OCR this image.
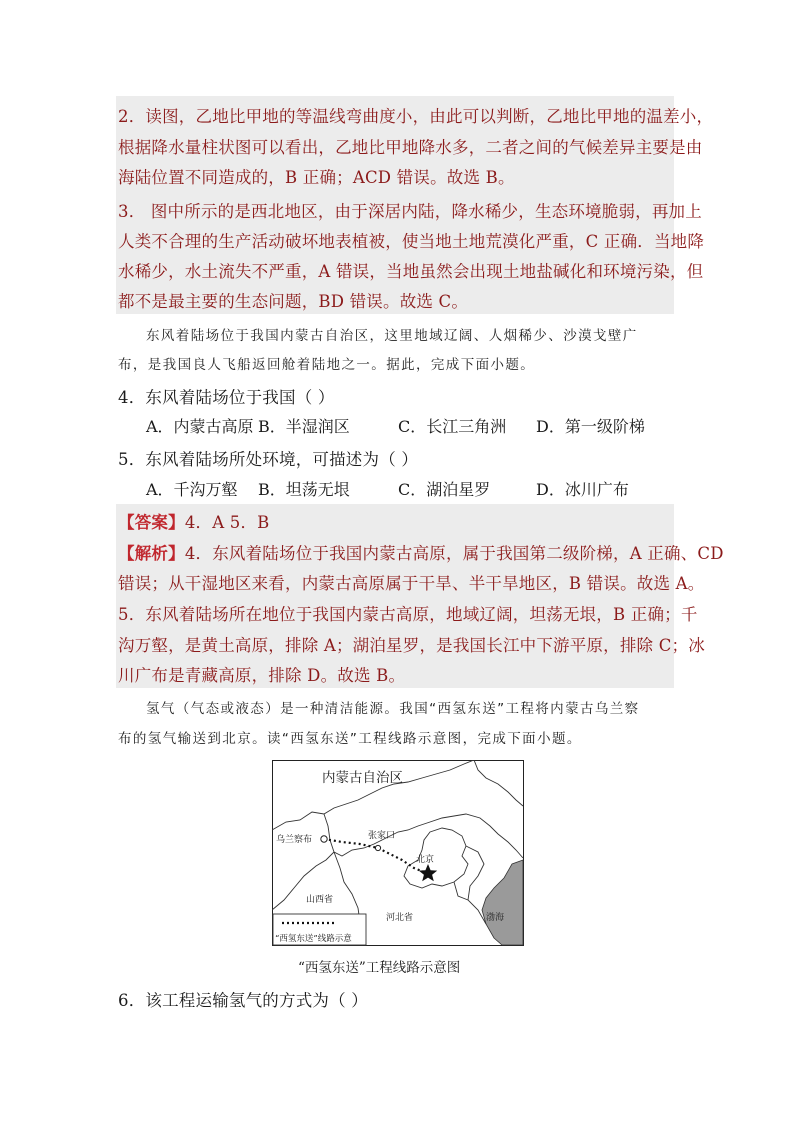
2．读图，乙地比甲地的等温线弯曲度小，由此可以判断，乙地比甲地的温差小，
根据降水量柱状图可以看出，乙地比甲地降水多，二者之间的气候差异主要是由
海陆位置不同造成的，B 正确；ACD 错误。故选 B。
3． 图中所示的是西北地区，由于深居内陆，降水稀少，生态环境脆弱，再加上
人类不合理的生产活动破坏地表植被，使当地土地荒漠化严重，C 正确．当地降
水稀少，水土流失不严重，A 错误，当地虽然会出现土地盐碱化和环境污染，但
都不是最主要的生态问题，BD 错误。故选 C。
东风着陆场位于我国内蒙古自治区，这里地域辽阔、人烟稀少、沙漠戈壁广
布，是我国良人飞船返回舱着陆地之一。据此，完成下面小题。
4．东风着陆场位于我国（ ）
A．内蒙古高原 B．半湿润区	C．长江三角洲 D．第一级阶梯
5．东风着陆场所处环境，可描述为（ ）
A．千沟万壑 B．坦荡无垠	C．湖泊星罗	D．冰川广布
【答案】4．A 5．B
【解析】4．东风着陆场位于我国内蒙古高原，属于我国第二级阶梯，A 正确、CD
错误；从干湿地区来看，内蒙古高原属于干旱、半干旱地区，B 错误。故选 A。
5．东风着陆场所在地位于我国内蒙古高原，地域辽阔，坦荡无垠，B 正确；千
沟万壑，是黄土高原，排除 A；湖泊星罗，是我国长江中下游平原，排除 C；冰
川广布是青藏高原，排除 D。故选 B。
氢气（气态或液态）是一种清洁能源。我国“西氢东送”工程将内蒙古乌兰察
布的氢气输送到北京。读“西氢东送”工程线路示意图，完成下面小题。
内蒙古自治区
乌兰察布	张家口
北京
山西省
河北省	渤海
“西氢东送”线路示意
“西氢东送”工程线路示意图
6．该工程运输氢气的方式为（ ）
